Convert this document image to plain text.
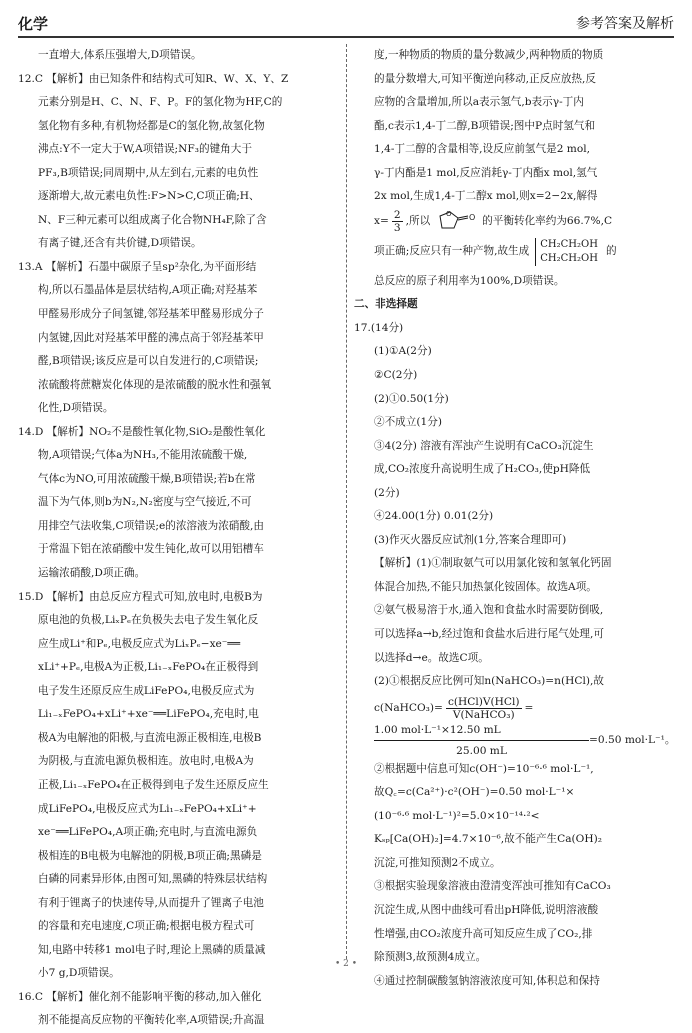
化学	参考答案及解析

一直增大,体系压强增大,D项错误。

12.C 【解析】由已知条件和结构式可知R、W、X、Y、Z

元素分别是H、C、N、F、P。F的氢化物为HF,C的

氢化物有多种,有机物烃都是C的氢化物,故氢化物

沸点:Y不一定大于W,A项错误;NF₃的键角大于

PF₃,B项错误;同周期中,从左到右,元素的电负性

逐渐增大,故元素电负性:F>N>C,C项正确;H、

N、F三种元素可以组成离子化合物NH₄F,除了含

有离子键,还含有共价键,D项错误。

13.A 【解析】石墨中碳原子呈sp²杂化,为平面形结

构,所以石墨晶体是层状结构,A项正确;对羟基苯

甲醛易形成分子间氢键,邻羟基苯甲醛易形成分子

内氢键,因此对羟基苯甲醛的沸点高于邻羟基苯甲

醛,B项错误;该反应是可以自发进行的,C项错误;

浓硫酸将蔗糖炭化体现的是浓硫酸的脱水性和强氧

化性,D项错误。

14.D 【解析】NO₂不是酸性氧化物,SiO₂是酸性氧化

物,A项错误;气体a为NH₃,不能用浓硫酸干燥,

气体c为NO,可用浓硫酸干燥,B项错误;若b在常

温下为气体,则b为N₂,N₂密度与空气接近,不可

用排空气法收集,C项错误;e的浓溶液为浓硝酸,由

于常温下铝在浓硝酸中发生钝化,故可以用铝槽车

运输浓硝酸,D项正确。

15.D 【解析】由总反应方程式可知,放电时,电极B为

原电池的负极,LiₓPₑ在负极失去电子发生氧化反

应生成Li⁺和Pₑ,电极反应式为LiₓPₑ−xe⁻══

xLi⁺+Pₑ,电极A为正极,Li₁₋ₓFePO₄在正极得到

电子发生还原反应生成LiFePO₄,电极反应式为

Li₁₋ₓFePO₄+xLi⁺+xe⁻══LiFePO₄,充电时,电

极A为电解池的阳极,与直流电源正极相连,电极B

为阴极,与直流电源负极相连。放电时,电极A为

正极,Li₁₋ₓFePO₄在正极得到电子发生还原反应生

成LiFePO₄,电极反应式为Li₁₋ₓFePO₄+xLi⁺+

xe⁻══LiFePO₄,A项正确;充电时,与直流电源负

极相连的B电极为电解池的阴极,B项正确;黑磷是

白磷的同素异形体,由图可知,黑磷的特殊层状结构

有利于锂离子的快速传导,从而提升了锂离子电池

的容量和充电速度,C项正确;根据电极方程式可

知,电路中转移1 mol电子时,理论上黑磷的质量减

小7 g,D项错误。

16.C 【解析】催化剂不能影响平衡的移动,加入催化

剂不能提高反应物的平衡转化率,A项错误;升高温

度,一种物质的物质的量分数减少,两种物质的物质

的量分数增大,可知平衡逆向移动,正反应放热,反

应物的含量增加,所以a表示氢气,b表示γ-丁内

酯,c表示1,4-丁二醇,B项错误;图中P点时氢气和

1,4-丁二醇的含量相等,设反应前氢气是2 mol,

γ-丁内酯是1 mol,反应消耗γ-丁内酯x mol,氢气

2x mol,生成1,4-丁二醇x mol,则x=2−2x,解得

$x= \frac{2}{3}$ ,所以
O O 的平衡转化率约为66.7%,C

项正确;反应只有一种产物,故生成
CH₂CH₂OH
CH₂CH₂OH
的

总反应的原子利用率为100%,D项错误。

二、非选择题

17.(14分)

(1)①A(2分)

②C(2分)

(2)①0.50(1分)

②不成立(1分)

③4(2分) 溶液有浑浊产生说明有CaCO₃沉淀生

成,CO₂浓度升高说明生成了H₂CO₃,使pH降低

(2分)

④24.00(1分) 0.01(2分)

(3)作灭火器反应试剂(1分,答案合理即可)

【解析】(1)①制取氨气可以用氯化铵和氢氧化钙固

体混合加热,不能只加热氯化铵固体。故选A项。

②氨气极易溶于水,通入饱和食盐水时需要防倒吸,

可以选择a→b,经过饱和食盐水后进行尾气处理,可

以选择d→e。故选C项。

(2)①根据反应比例可知n(NaHCO₃)=n(HCl),故

c(NaHCO₃)= $\frac{\text{c(HCl)V(HCl)}}{\text{V(NaHCO₃)}}$ =

$\frac{\text{1.00 mol·L⁻¹×12.50 mL}}{25.00 mL} =0.50$ mol·L⁻¹。

②根据题中信息可知c(OH⁻)=10⁻⁶·⁶ mol·L⁻¹,

故Q꜀=c(Ca²⁺)·c²(OH⁻)=0.50 mol·L⁻¹×

(10⁻⁶·⁶ mol·L⁻¹)²=5.0×10⁻¹⁴·²<

Kₛₚ[Ca(OH)₂]=4.7×10⁻⁶,故不能产生Ca(OH)₂

沉淀,可推知预测2不成立。

③根据实验现象溶液由澄清变浑浊可推知有CaCO₃

沉淀生成,从图中曲线可看出pH降低,说明溶液酸

性增强,由CO₂浓度升高可知反应生成了CO₂,排

除预测3,故预测4成立。

④通过控制碳酸氢钠溶液浓度可知,体积总和保持

• 2 •
